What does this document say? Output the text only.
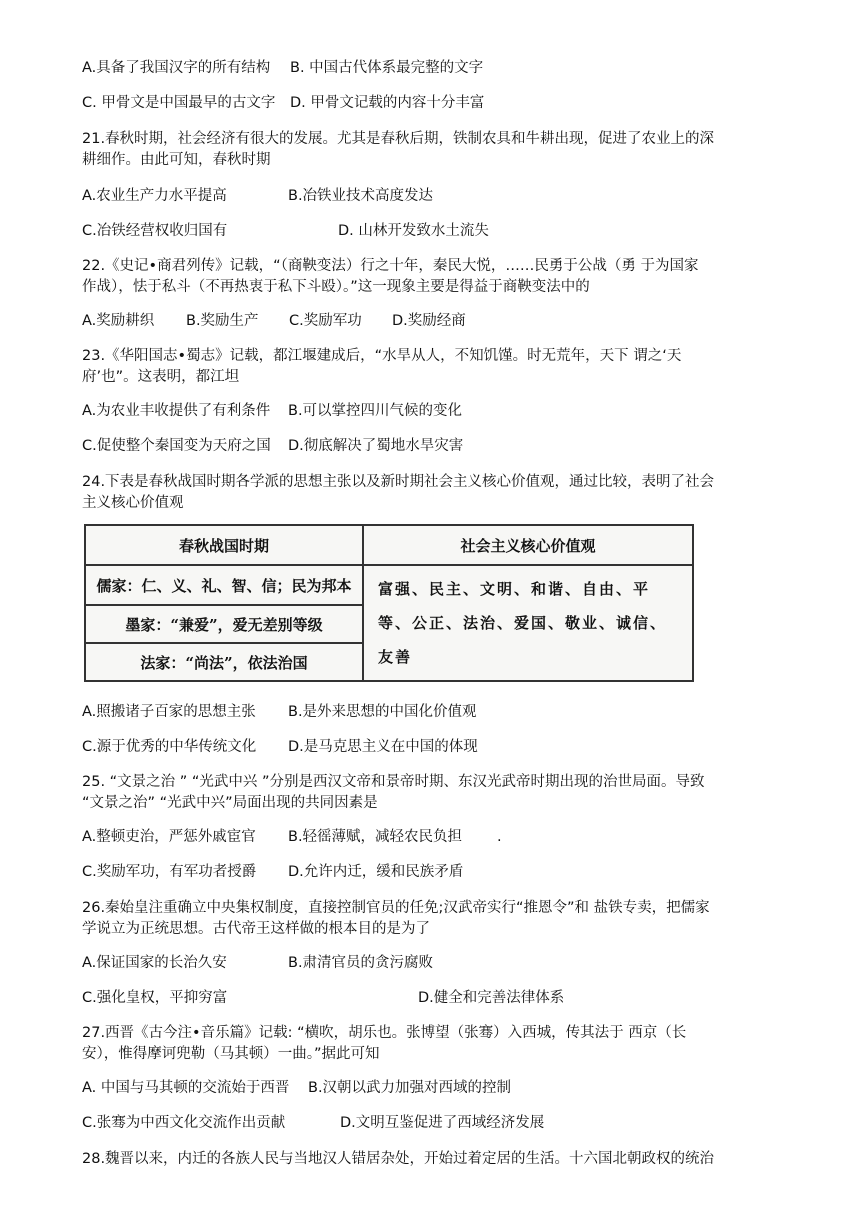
A.具备了我国汉字的所有结构 B. 中国古代体系最完整的文字
C. 甲骨文是中国最早的古文字 D. 甲骨文记载的内容十分丰富
21.春秋时期，社会经济有很大的发展。尤其是春秋后期，铁制农具和牛耕出现，促进了农业上的深
耕细作。由此可知，春秋时期
A.农业生产力水平提高	B.冶铁业技术高度发达
C.冶铁经营权收归国有	D. 山林开发致水土流失
22.《史记•商君列传》记载，“（商鞅变法）行之十年，秦民大悦，……民勇于公战（勇 于为国家
作战），怯于私斗（不再热衷于私下斗殴）。”这一现象主要是得益于商鞅变法中的
A.奖励耕织 B.奖励生产 C.奖励军功 D.奖励经商
23.《华阳国志•蜀志》记载，都江堰建成后，“水旱从人，不知饥馑。时无荒年，天下 谓之‘天
府’也”。这表明，都江坦
A.为农业丰收提供了有利条件 B.可以掌控四川气候的变化
C.促使整个秦国变为天府之国 D.彻底解决了蜀地水旱灾害
24.下表是春秋战国时期各学派的思想主张以及新时期社会主义核心价值观，通过比较，表明了社会
主义核心价值观
春秋战国时期	社会主义核心价值观
儒家：仁、义、礼、智、信；民为邦本
墨家：“兼爱”，爱无差别等级
法家：“尚法”，依法治国
富强、民主、文明、和谐、自由、平等、公正、法治、爱国、敬业、诚信、友善
A.照搬诸子百家的思想主张 B.是外来思想的中国化价值观
C.源于优秀的中华传统文化 D.是马克思主义在中国的体现
25. “文景之治 ” “光武中兴 ”分别是西汉文帝和景帝时期、东汉光武帝时期出现的治世局面。导致
“文景之治” “光武中兴”局面出现的共同因素是
A.整顿吏治，严惩外戚宦官 B.轻徭薄赋，减轻农民负担 .
C.奖励军功，有军功者授爵 D.允许内迁，缓和民族矛盾
26.秦始皇注重确立中央集权制度，直接控制官员的任免;汉武帝实行“推恩令”和 盐铁专卖，把儒家
学说立为正统思想。古代帝王这样做的根本目的是为了
A.保证国家的长治久安	B.肃清官员的贪污腐败
C.强化皇权，平抑穷富	D.健全和完善法律体系
27.西晋《古今注•音乐篇》记载: “横吹，胡乐也。张博望（张骞）入西城，传其法于 西京（长
安），惟得摩诃兜勒（马其顿）一曲。”据此可知
A. 中国与马其顿的交流始于西晋 B.汉朝以武力加强对西域的控制
C.张骞为中西文化交流作出贡献	D.文明互鉴促进了西域经济发展
28.魏晋以来，内迁的各族人民与当地汉人错居杂处，开始过着定居的生活。十六国北朝政权的统治
